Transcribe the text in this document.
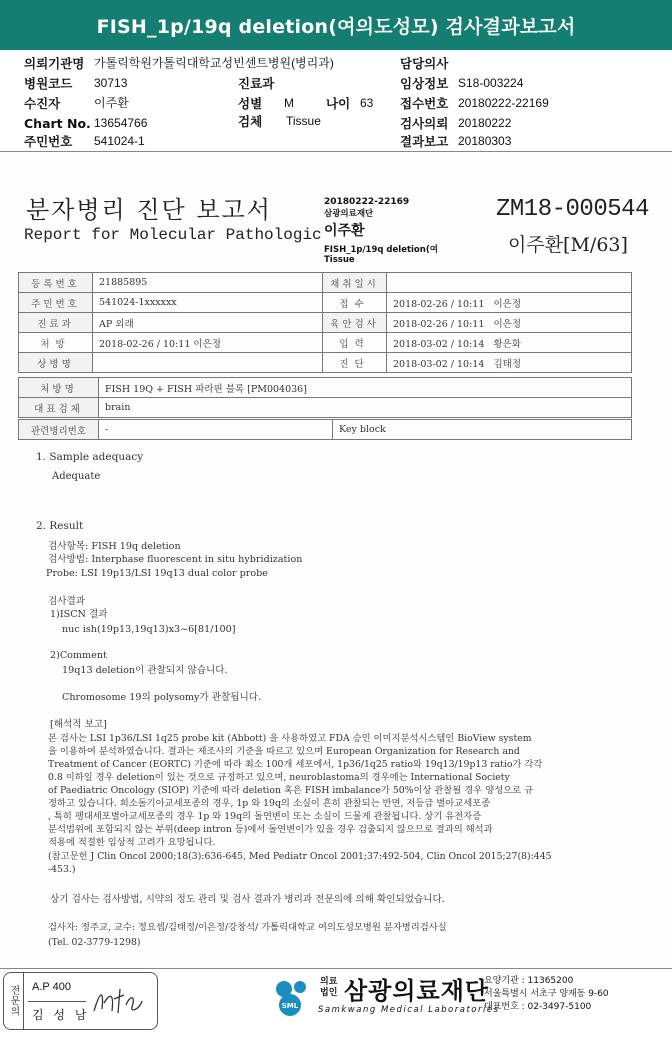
FISH_1p/19q deletion(여의도성모) 검사결과보고서
의뢰기관명 가톨릭학원가톨릭대학교성빈센트병원(병리과)	담당의사
병원코드 30713	진료과	임상정보 S18-003224
수진자	이주환	성별 M	나이 63 접수번호 20180222-22169
Chart No. 13654766	검체 Tissue	검사의뢰 20180222
주민번호 541024-1	결과보고 20180303
분자병리 진단 보고서
Report for Molecular Pathologic
20180222-22169
삼광의료재단
이주환
FISH_1p/19q deletion(여
Tissue
ZM18-000544
이주환[M/63]
등록번호	21885895	채취일시	
주민번호	541024-1xxxxxx	접수	2018-02-26 / 10:11 이은정
진료과	AP 외래	육안검사	2018-02-26 / 10:11 이은정
처방	2018-02-26 / 10:11 이은정	입력	2018-03-02 / 10:14 황은화
상병명		진단	2018-03-02 / 10:14 김태정
처방명	FISH 19Q + FISH 파라핀 블록 [PM004036]
대표검체	brain
관련병리번호	-	Key block
1. Sample adequacy
Adequate
2. Result
검사항목: FISH 19q deletion
검사방법: Interphase fluorescent in situ hybridization
Probe: LSI 19p13/LSI 19q13 dual color probe
검사결과
1)ISCN 결과
nuc ish(19p13,19q13)x3~6[81/100]
2)Comment
19q13 deletion이 관찰되지 않습니다.
Chromosome 19의 polysomy가 관찰됩니다.
[해석적 보고]
본 검사는 LSI 1p36/LSI 1q25 probe kit (Abbott) 을 사용하였고 FDA 승인 이미지분석시스템인 BioView system
을 이용하여 분석하였습니다. 결과는 제조사의 기준을 따르고 있으며 European Organization for Research and
Treatment of Cancer (EORTC) 기준에 따라 최소 100개 세포에서, 1p36/1q25 ratio와 19q13/19p13 ratio가 각각
0.8 이하일 경우 deletion이 있는 것으로 규정하고 있으며, neuroblastoma의 경우에는 International Society
of Paediatric Oncology (SIOP) 기준에 따라 deletion 혹은 FISH imbalance가 50%이상 관찰될 경우 양성으로 규
정하고 있습니다. 희소돌기아교세포종의 경우, 1p 와 19q의 소실이 흔히 관찰되는 반면, 저등급 별아교세포종
, 특히 팽대세포별아교세포종의 경우 1p 와 19q의 돌연변이 또는 소실이 드물게 관찰됩니다. 상기 유전자증
분석범위에 포함되지 않는 부위(deep intron 등)에서 돌연변이가 있을 경우 검출되지 않으므로 결과의 해석과
적용에 적절한 임상적 고려가 요망됩니다.
(참고문헌 J Clin Oncol 2000;18(3):636-645, Med Pediatr Oncol 2001;37:492-504, Clin Oncol 2015;27(8):445
-453.)
상기 검사는 검사방법, 시약의 정도 관리 및 검사 결과가 병리과 전문의에 의해 확인되었습니다.
검사자: 정주교, 교수: 정요셉/김태정/이은정/강창석/ 가톨릭대학교 여의도성모병원 분자병리검사실
(Tel. 02-3779-1298)
전문의	A.P 400
김 성 남
SML
의료
법인 삼광의료재단
Samkwang Medical Laboratories
요양기관 : 11365200
서울특별시 서초구 양재동 9-60
대표번호 : 02-3497-5100
